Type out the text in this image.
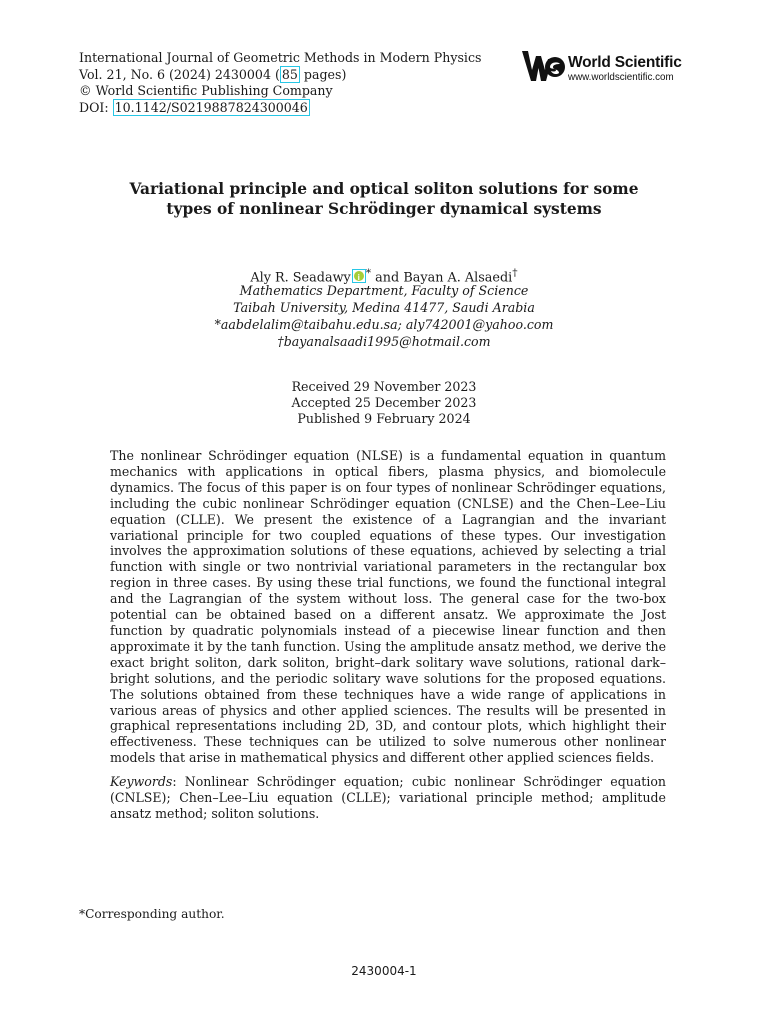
International Journal of Geometric Methods in Modern Physics
Vol. 21, No. 6 (2024) 2430004 ( 85 pages)
© World Scientific Publishing Company
DOI: 10.1142/S0219887824300046
World Scientific
www.worldscientific.com
Variational principle and optical soliton solutions for some
types of nonlinear Schrödinger dynamical systems
Aly R. Seadawyi * and Bayan A. Alsaedi†
Mathematics Department, Faculty of Science
Taibah University, Medina 41477, Saudi Arabia
*aabdelalim@taibahu.edu.sa; aly742001@yahoo.com
†bayanalsaadi1995@hotmail.com
Received 29 November 2023
Accepted 25 December 2023
Published 9 February 2024

The nonlinear Schrödinger equation (NLSE) is a fundamental equation in quantum mechanics with applications in optical fibers, plasma physics, and biomolecule dynamics. The focus of this paper is on four types of nonlinear Schrödinger equations, including the cubic nonlinear Schrödinger equation (CNLSE) and the Chen–Lee–Liu equation (CLLE). We present the existence of a Lagrangian and the invariant variational principle for two coupled equations of these types. Our investigation involves the approximation solutions of these equations, achieved by selecting a trial function with single or two nontrivial variational parameters in the rectangular box region in three cases. By using these trial functions, we found the functional integral and the Lagrangian of the system without loss. The general case for the two-box potential can be obtained based on a different ansatz. We approximate the Jost function by quadratic polynomials instead of a piecewise linear function and then approximate it by the tanh function. Using the amplitude ansatz method, we derive the exact bright soliton, dark soliton, bright–dark solitary wave solutions, rational dark–bright solutions, and the periodic solitary wave solutions for the proposed equations. The solutions obtained from these techniques have a wide range of applications in various areas of physics and other applied sciences. The results will be presented in graphical representations including 2D, 3D, and contour plots, which highlight their effectiveness. These techniques can be utilized to solve numerous other nonlinear models that arise in mathematical physics and different other applied sciences fields.

Keywords: Nonlinear Schrödinger equation; cubic nonlinear Schrödinger equation (CNLSE); Chen–Lee–Liu equation (CLLE); variational principle method; amplitude ansatz method; soliton solutions.

*Corresponding author.
2430004-1
